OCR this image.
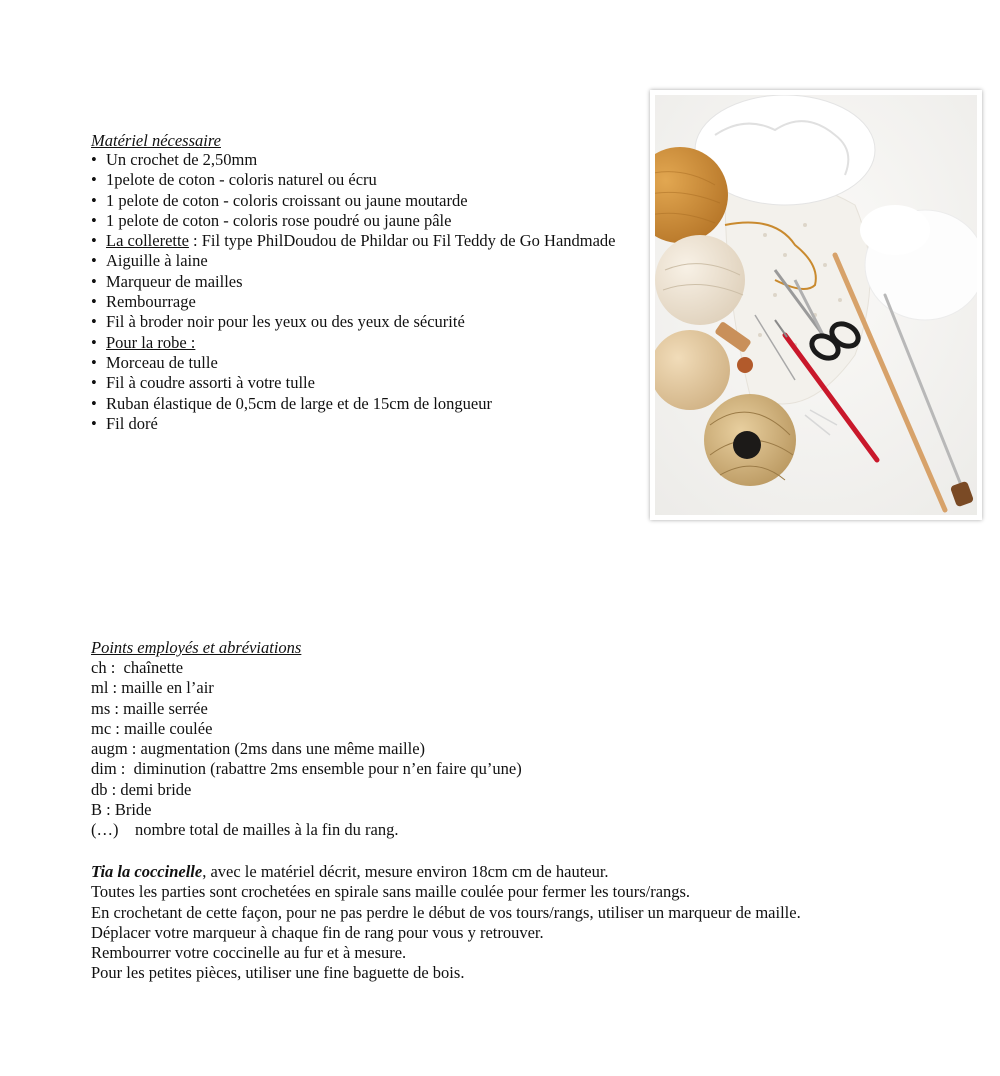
Matériel nécessaire
• Un crochet de 2,50mm
• 1pelote de coton - coloris naturel ou écru
• 1 pelote de coton - coloris croissant ou jaune moutarde
• 1 pelote de coton - coloris rose poudré ou jaune pâle
• La collerette : Fil type PhilDoudou de Phildar ou Fil Teddy de Go Handmade
• Aiguille à laine
• Marqueur de mailles
• Rembourrage
• Fil à broder noir pour les yeux ou des yeux de sécurité
• Pour la robe :
• Morceau de tulle
• Fil à coudre assorti à votre tulle
• Ruban élastique de 0,5cm de large et de 15cm de longueur
• Fil doré
Points employés et abréviations
ch :  chaînette
ml : maille en l’air
ms : maille serrée
mc : maille coulée
augm : augmentation (2ms dans une même maille)
dim :  diminution (rabattre 2ms ensemble pour n’en faire qu’une)
db : demi bride
B : Bride
(…)    nombre total de mailles à la fin du rang.
Tia la coccinelle, avec le matériel décrit, mesure environ 18cm cm de hauteur.
Toutes les parties sont crochetées en spirale sans maille coulée pour fermer les tours/rangs.
En crochetant de cette façon, pour ne pas perdre le début de vos tours/rangs, utiliser un marqueur de maille.
Déplacer votre marqueur à chaque fin de rang pour vous y retrouver.
Rembourrer votre coccinelle au fur et à mesure.
Pour les petites pièces, utiliser une fine baguette de bois.
